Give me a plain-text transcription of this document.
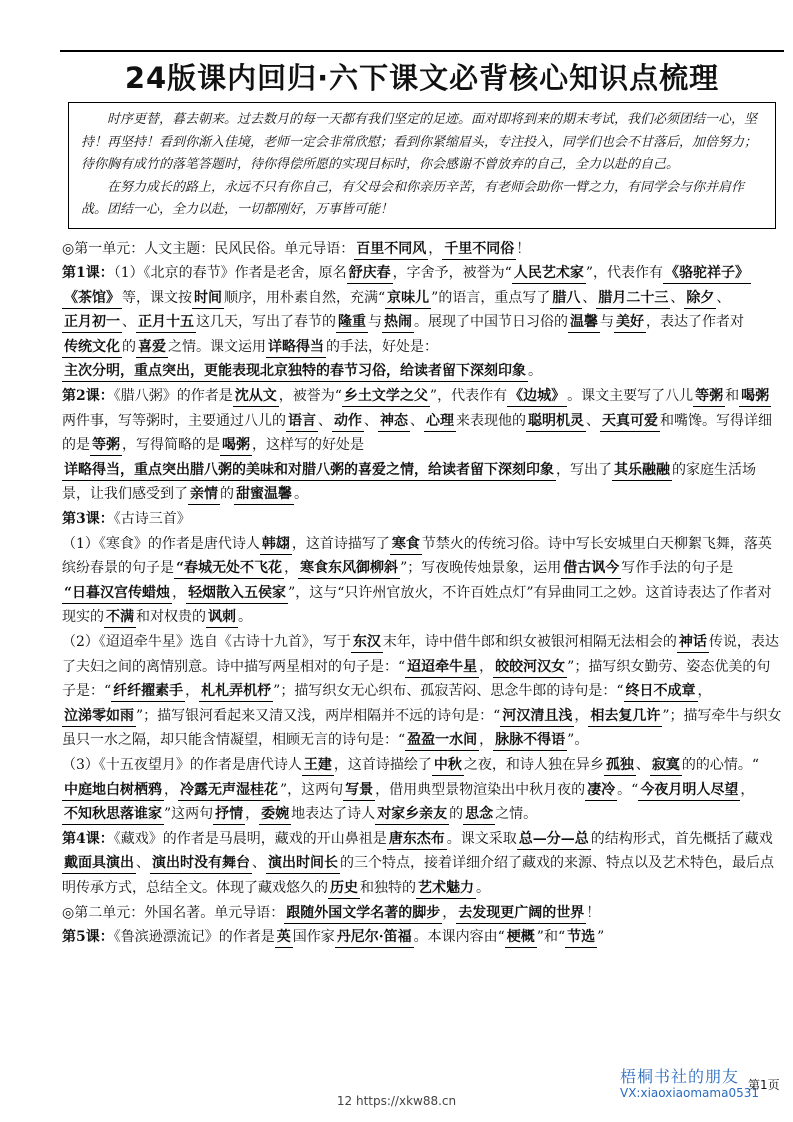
24版课内回归·六下课文必背核心知识点梳理

时序更替，暮去朝来。过去数月的每一天都有我们坚定的足迹。面对即将到来的期末考试，我们必须团结一心，坚持！再坚持！看到你渐入佳境，老师一定会非常欣慰；看到你紧缩眉头，专注投入，同学们也会不甘落后，加倍努力；待你胸有成竹的落笔答题时，待你得偿所愿的实现目标时，你会感谢不曾放弃的自己，全力以赴的自己。

在努力成长的路上，永远不只有你自己，有父母会和你亲历辛苦，有老师会助你一臂之力，有同学会与你并肩作战。团结一心，全力以赴，一切都刚好，万事皆可能！

◎第一单元：人文主题：民风民俗。单元导语： 百里不同风 ， 千里不同俗 ！

第1课：（1）《北京的春节》作者是老舍，原名 舒庆春 ，字舍予，被誉为“ 人民艺术家 ”，代表作有 《骆驼祥子》 《茶馆》 等，课文按 时间 顺序，用朴素自然，充满“ 京味儿 ”的语言，重点写了 腊八 、 腊月二十三 、 除夕 、正月初一 、 正月十五 这几天，写出了春节的 隆重 与 热闹 。展现了中国节日习俗的 温馨 与 美好 ，表达了作者对传统文化 的 喜爱 之情。课文运用 详略得当 的手法，好处是：主次分明，重点突出，更能表现北京独特的春节习俗，给读者留下深刻印象 。

第2课：《腊八粥》的作者是 沈从文 ，被誉为“ 乡土文学之父 ”，代表作有 《边城》 。课文主要写了八儿 等粥 和 喝粥两件事，写等粥时，主要通过八儿的 语言 、 动作 、 神态 、 心理 来表现他的 聪明机灵 、 天真可爱 和嘴馋。写得详细的是 等粥 ，写得简略的是 喝粥 ，这样写的好处是详略得当，重点突出腊八粥的美味和对腊八粥的喜爱之情，给读者留下深刻印象 ，写出了 其乐融融 的家庭生活场景，让我们感受到了 亲情 的 甜蜜温馨 。

第3课：《古诗三首》

（1）《寒食》的作者是唐代诗人 韩翃 ，这首诗描写了 寒食 节禁火的传统习俗。诗中写长安城里白天柳絮飞舞，落英缤纷春景的句子是 “春城无处不飞花 ， 寒食东风御柳斜 ”；写夜晚传烛景象，运用 借古讽今 写作手法的句子是“日暮汉宫传蜡烛 ， 轻烟散入五侯家 ”，这与“只许州官放火，不许百姓点灯”有异曲同工之妙。这首诗表达了作者对现实的 不满 和对权贵的 讽刺 。

（2）《迢迢牵牛星》选自《古诗十九首》，写于 东汉 末年，诗中借牛郎和织女被银河相隔无法相会的 神话 传说，表达了夫妇之间的离情别意。诗中描写两星相对的句子是：“ 迢迢牵牛星 ， 皎皎河汉女 ”；描写织女勤劳、姿态优美的句子是：“ 纤纤擢素手 ， 札札弄机杼 ”；描写织女无心织布、孤寂苦闷、思念牛郎的诗句是：“ 终日不成章 ，泣涕零如雨 ”；描写银河看起来又清又浅，两岸相隔并不远的诗句是：“ 河汉清且浅 ， 相去复几许 ”；描写牵牛与织女虽只一水之隔，却只能含情凝望，相顾无言的诗句是：“ 盈盈一水间 ， 脉脉不得语 ”。

（3）《十五夜望月》的作者是唐代诗人 王建 ，这首诗描绘了 中秋 之夜，和诗人独在异乡 孤独 、 寂寞 的的心情。“中庭地白树栖鸦 ， 冷露无声湿桂花 ”，这两句 写景 ，借用典型景物渲染出中秋月夜的 凄冷 。“ 今夜月明人尽望 ，不知秋思落谁家 ”这两句 抒情 ， 委婉 地表达了诗人 对家乡亲友 的 思念 之情。

第4课：《藏戏》的作者是马晨明，藏戏的开山鼻祖是 唐东杰布 。课文采取 总—分—总 的结构形式，首先概括了藏戏戴面具演出 、 演出时没有舞台 、 演出时间长 的三个特点，接着详细介绍了藏戏的来源、特点以及艺术特色，最后点明传承方式，总结全文。体现了藏戏悠久的 历史 和独特的 艺术魅力 。

◎第二单元：外国名著。单元导语： 跟随外国文学名著的脚步 ， 去发现更广阔的世界 ！

第5课：《鲁滨逊漂流记》的作者是 英 国作家 丹尼尔·笛福 。本课内容由“ 梗概 ”和“ 节选 ”

12 https://xkw88.cn
梧桐书社的朋友
VX:xiaoxiaomama0531
第1页
